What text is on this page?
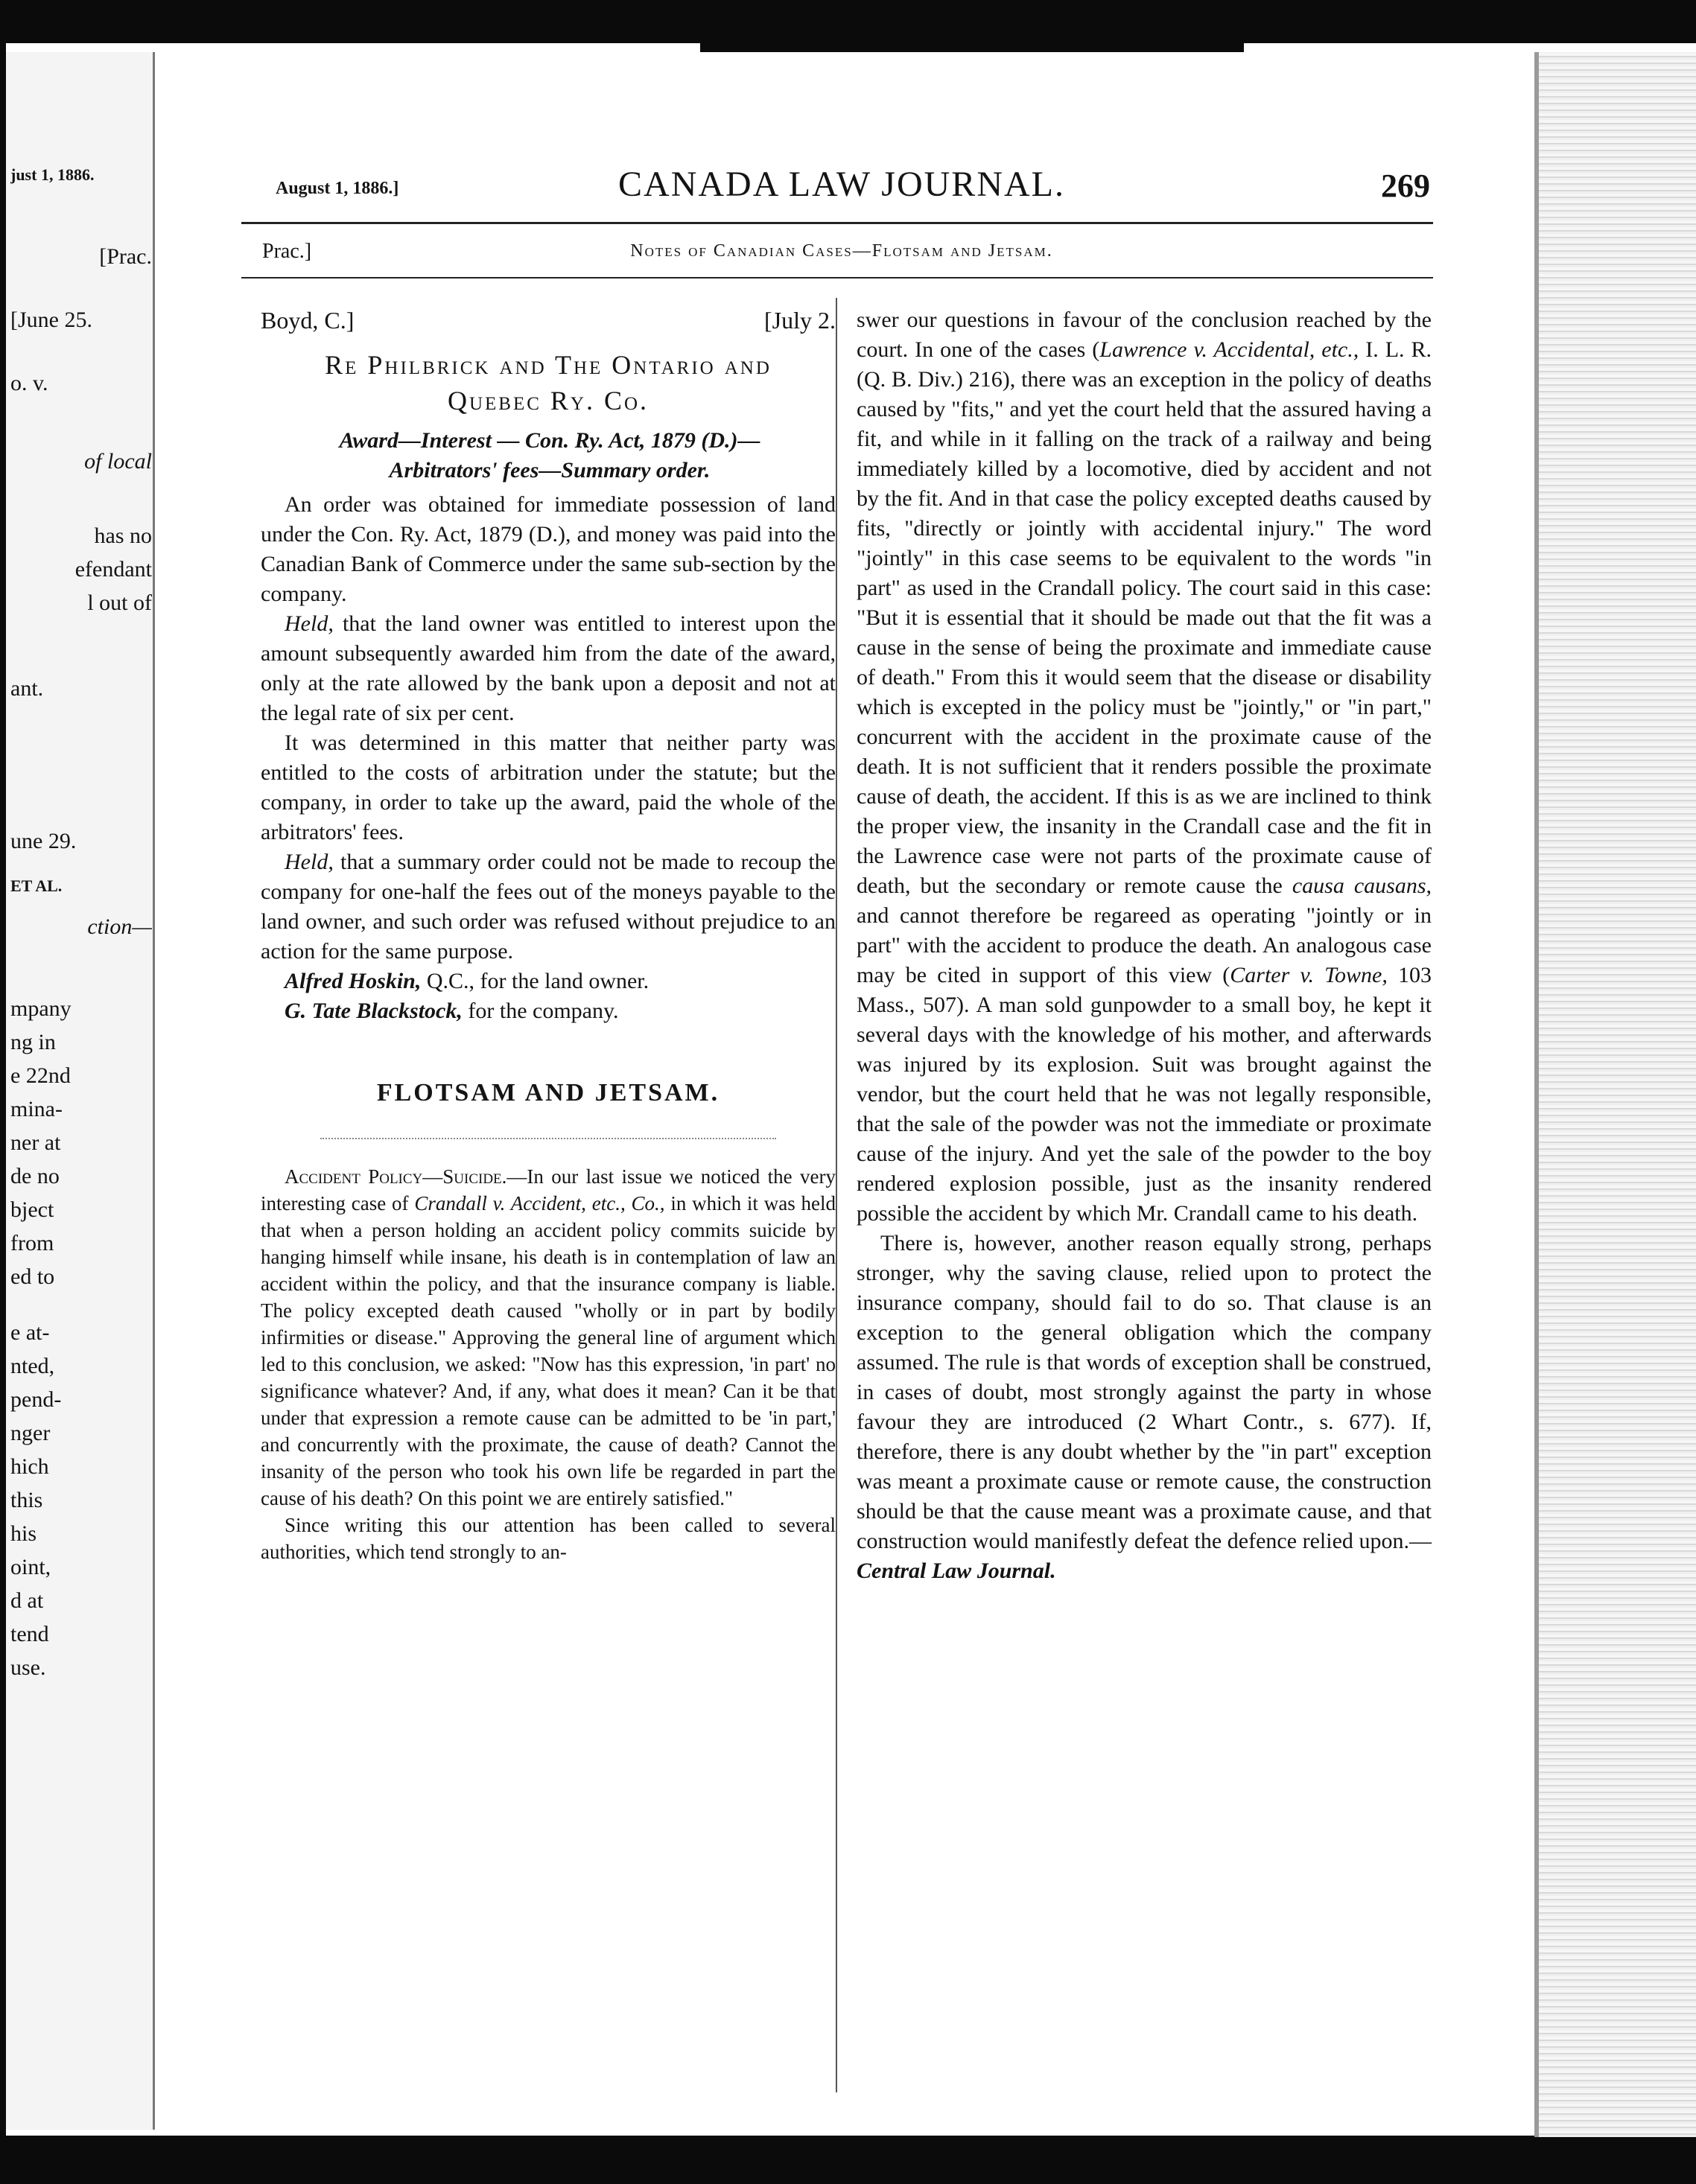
just 1, 1886.
[Prac.
[June 25.
o. v.
of local
has no
efendant
l out of
ant.
une 29.
ET AL.
ction—
mpany
ng in
e 22nd
mina-
ner at
de no
bject
from
ed to
e at-
nted,
pend-
nger
hich
this
his
oint,
d at
tend
use.
August 1, 1886.]	CANADA LAW JOURNAL.	269
Prac.]	Notes of Canadian Cases—Flotsam and Jetsam.
Boyd, C.]	[July 2.
Re Philbrick and The Ontario and
Quebec Ry. Co.
Award—Interest — Con. Ry. Act, 1879 (D.)—
Arbitrators' fees—Summary order.

An order was obtained for immediate possession of land under the Con. Ry. Act, 1879 (D.), and money was paid into the Canadian Bank of Commerce under the same sub-section by the company.

Held, that the land owner was entitled to interest upon the amount subsequently awarded him from the date of the award, only at the rate allowed by the bank upon a deposit and not at the legal rate of six per cent.

It was determined in this matter that neither party was entitled to the costs of arbitration under the statute; but the company, in order to take up the award, paid the whole of the arbitrators' fees.

Held, that a summary order could not be made to recoup the company for one-half the fees out of the moneys payable to the land owner, and such order was refused without prejudice to an action for the same purpose.

Alfred Hoskin, Q.C., for the land owner.

G. Tate Blackstock, for the company.

FLOTSAM AND JETSAM.

Accident Policy—Suicide.—In our last issue we noticed the very interesting case of Crandall v. Accident, etc., Co., in which it was held that when a person holding an accident policy commits suicide by hanging himself while insane, his death is in contemplation of law an accident within the policy, and that the insurance company is liable. The policy excepted death caused "wholly or in part by bodily infirmities or disease." Approving the general line of argument which led to this conclusion, we asked: "Now has this expression, 'in part' no significance whatever? And, if any, what does it mean? Can it be that under that expression a remote cause can be admitted to be 'in part,' and concurrently with the proximate, the cause of death? Cannot the insanity of the person who took his own life be regarded in part the cause of his death? On this point we are entirely satisfied."

Since writing this our attention has been called to several authorities, which tend strongly to an-

swer our questions in favour of the conclusion reached by the court. In one of the cases (Lawrence v. Accidental, etc., I. L. R. (Q. B. Div.) 216), there was an exception in the policy of deaths caused by "fits," and yet the court held that the assured having a fit, and while in it falling on the track of a railway and being immediately killed by a locomotive, died by accident and not by the fit. And in that case the policy excepted deaths caused by fits, "directly or jointly with accidental injury." The word "jointly" in this case seems to be equivalent to the words "in part" as used in the Crandall policy. The court said in this case: "But it is essential that it should be made out that the fit was a cause in the sense of being the proximate and immediate cause of death." From this it would seem that the disease or disability which is excepted in the policy must be "jointly," or "in part," concurrent with the accident in the proximate cause of the death. It is not sufficient that it renders possible the proximate cause of death, the accident. If this is as we are inclined to think the proper view, the insanity in the Crandall case and the fit in the Lawrence case were not parts of the proximate cause of death, but the secondary or remote cause the causa causans, and cannot therefore be regareed as operating "jointly or in part" with the accident to produce the death. An analogous case may be cited in support of this view (Carter v. Towne, 103 Mass., 507). A man sold gunpowder to a small boy, he kept it several days with the knowledge of his mother, and afterwards was injured by its explosion. Suit was brought against the vendor, but the court held that he was not legally responsible, that the sale of the powder was not the immediate or proximate cause of the injury. And yet the sale of the powder to the boy rendered explosion possible, just as the insanity rendered possible the accident by which Mr. Crandall came to his death.

There is, however, another reason equally strong, perhaps stronger, why the saving clause, relied upon to protect the insurance company, should fail to do so. That clause is an exception to the general obligation which the company assumed. The rule is that words of exception shall be construed, in cases of doubt, most strongly against the party in whose favour they are introduced (2 Whart Contr., s. 677). If, therefore, there is any doubt whether by the "in part" exception was meant a proximate cause or remote cause, the construction should be that the cause meant was a proximate cause, and that construction would manifestly defeat the defence relied upon.—Central Law Journal.
